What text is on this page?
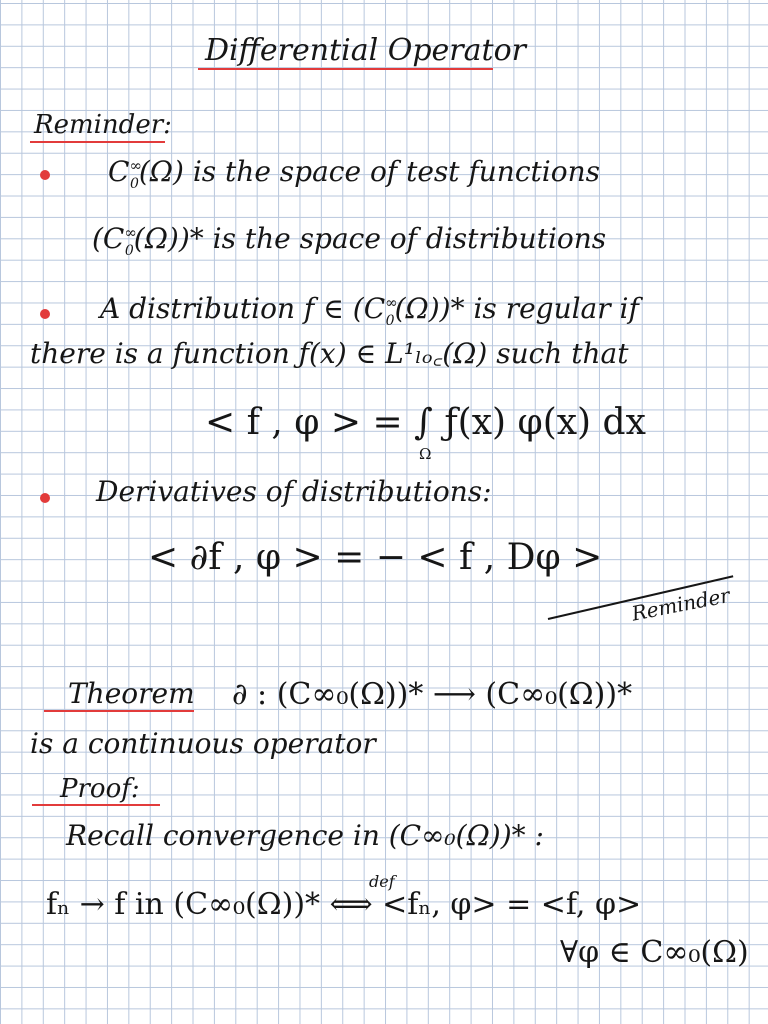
Differential Operator
Reminder:
$C^\infty_0(\Omega)$ is the space of test functions
$(C^\infty_0(\Omega))*$ is the space of distributions
A distribution f ∈ $(C^\infty_0(\Omega))*$ is regular if
there is a function ƒ(x) ∈ L¹ₗₒ꜀(Ω) such that
< f , φ > = ∫ ƒ(x) φ(x) dx
Ω
Derivatives of distributions:
< ∂f , φ > = − < f , Dφ >
Reminder
Theorem ∂ : (C∞₀(Ω))* ⟶ (C∞₀(Ω))*
is a continuous operator
Proof:
Recall convergence in (C∞₀(Ω))* :
def
fₙ → f in (C∞₀(Ω))* ⟺ <fₙ, φ> = <f, φ>
∀φ ∈ C∞₀(Ω)
